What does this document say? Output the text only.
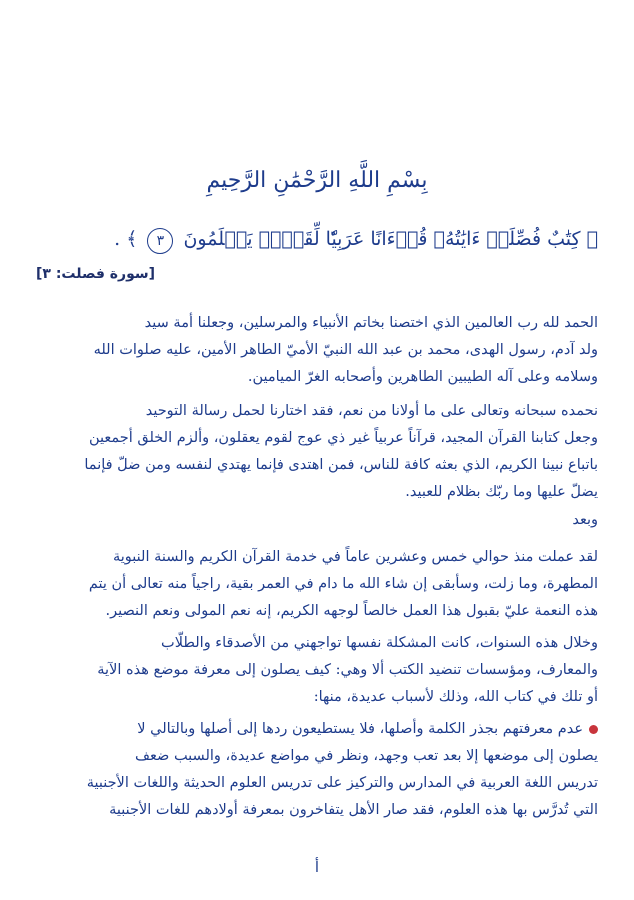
بِسْمِ اللَّهِ الرَّحْمَٰنِ الرَّحِيمِ
﴿ كِتَٰبٌ فُصِّلَتۡ ءَايَٰتُهُۥ قُرۡءَانًا عَرَبِيّٗا لِّقَوۡمٖ يَعۡلَمُونَ ٣ ﴾ .
[سورة فصلت: ٣]
الحمد لله رب العالمين الذي اختصنا بخاتم الأنبياء والمرسلين، وجعلنا أمة سيد
ولد آدم، رسول الهدى، محمد بن عبد الله النبيّ الأميّ الطاهر الأمين، عليه صلوات الله
وسلامه وعلى آله الطيبين الطاهرين وأصحابه الغرّ الميامين.
نحمده سبحانه وتعالى على ما أولانا من نعم، فقد اختارنا لحمل رسالة التوحيد
وجعل كتابنا القرآن المجيد، قرآناً عربياً غير ذي عوج لقوم يعقلون، وألزم الخلق أجمعين
باتباع نبينا الكريم، الذي بعثه كافة للناس، فمن اهتدى فإنما يهتدي لنفسه ومن ضلّ فإنما
يضلّ عليها وما ربّك بظلام للعبيد.
وبعد
لقد عملت منذ حوالي خمس وعشرين عاماً في خدمة القرآن الكريم والسنة النبوية
المطهرة، وما زلت، وسأبقى إن شاء الله ما دام في العمر بقية، راجياً منه تعالى أن يتم
هذه النعمة عليّ بقبول هذا العمل خالصاً لوجهه الكريم، إنه نعم المولى ونعم النصير.
وخلال هذه السنوات، كانت المشكلة نفسها تواجهني من الأصدقاء والطلّاب
والمعارف، ومؤسسات تنضيد الكتب ألا وهي: كيف يصلون إلى معرفة موضع هذه الآية
أو تلك في كتاب الله، وذلك لأسباب عديدة، منها:
عدم معرفتهم بجذر الكلمة وأصلها، فلا يستطيعون ردها إلى أصلها وبالتالي لا
يصلون إلى موضعها إلا بعد تعب وجهد، ونظر في مواضع عديدة، والسبب ضعف
تدريس اللغة العربية في المدارس والتركيز على تدريس العلوم الحديثة واللغات الأجنبية
التي تُدرَّس بها هذه العلوم، فقد صار الأهل يتفاخرون بمعرفة أولادهم للغات الأجنبية
أ
